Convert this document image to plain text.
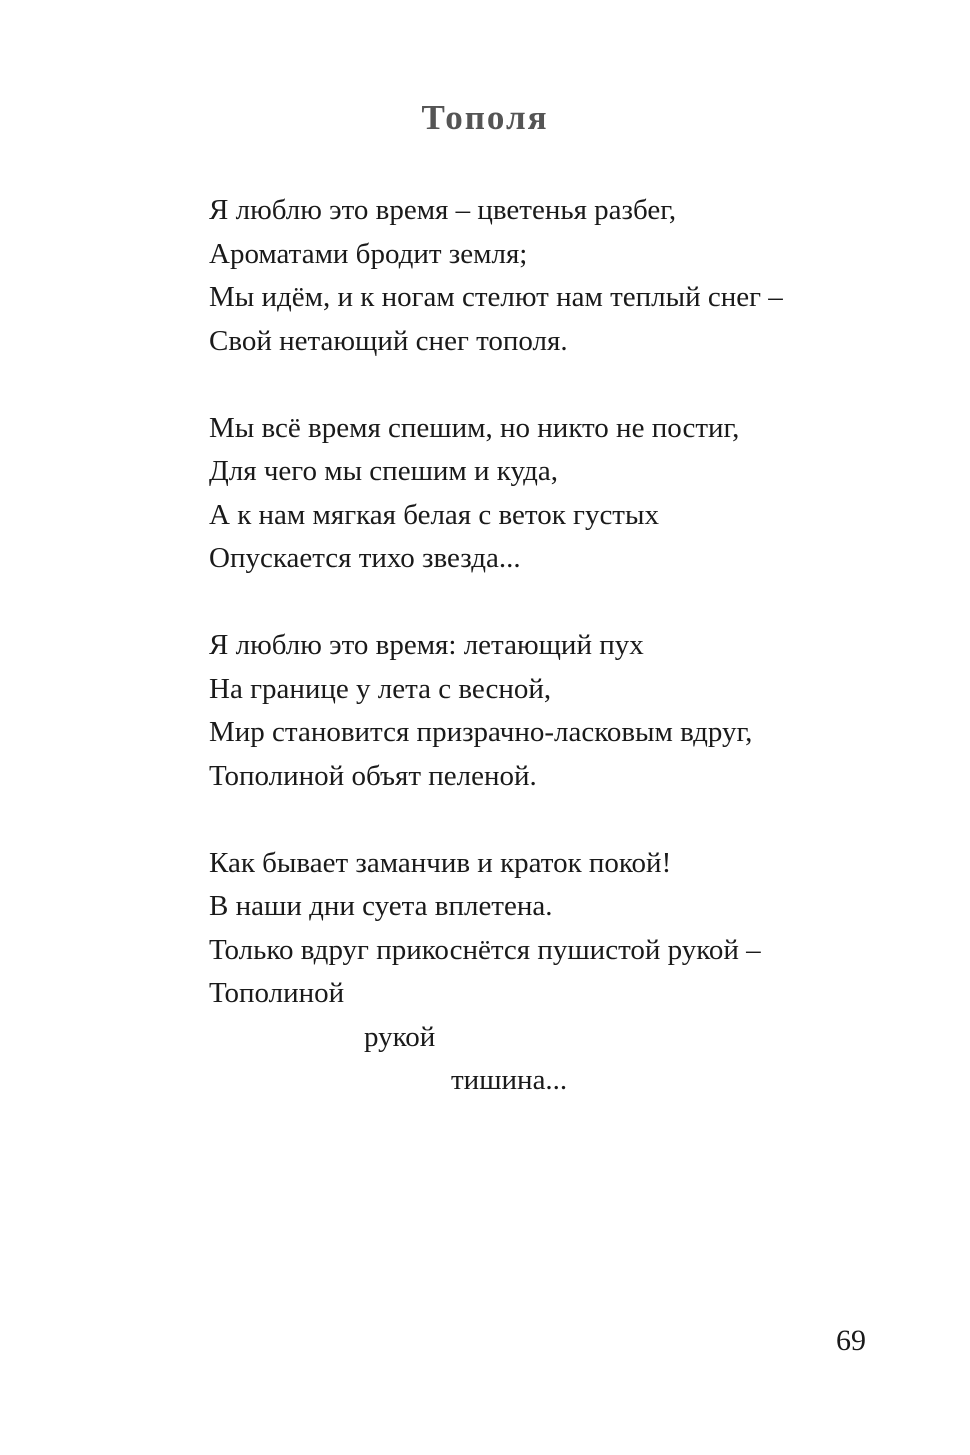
Тополя
Я люблю это время – цветенья разбег,
Ароматами бродит земля;
Мы идём, и к ногам стелют нам теплый снег –
Свой нетающий снег тополя.
Мы всё время спешим, но никто не постиг,
Для чего мы спешим и куда,
А к нам мягкая белая с веток густых
Опускается тихо звезда...
Я люблю это время: летающий пух
На границе у лета с весной,
Мир становится призрачно-ласковым вдруг,
Тополиной объят пеленой.
Как бывает заманчив и краток покой!
В наши дни суета вплетена.
Только вдруг прикоснётся пушистой рукой –
Тополиной
рукой
тишина...
69
